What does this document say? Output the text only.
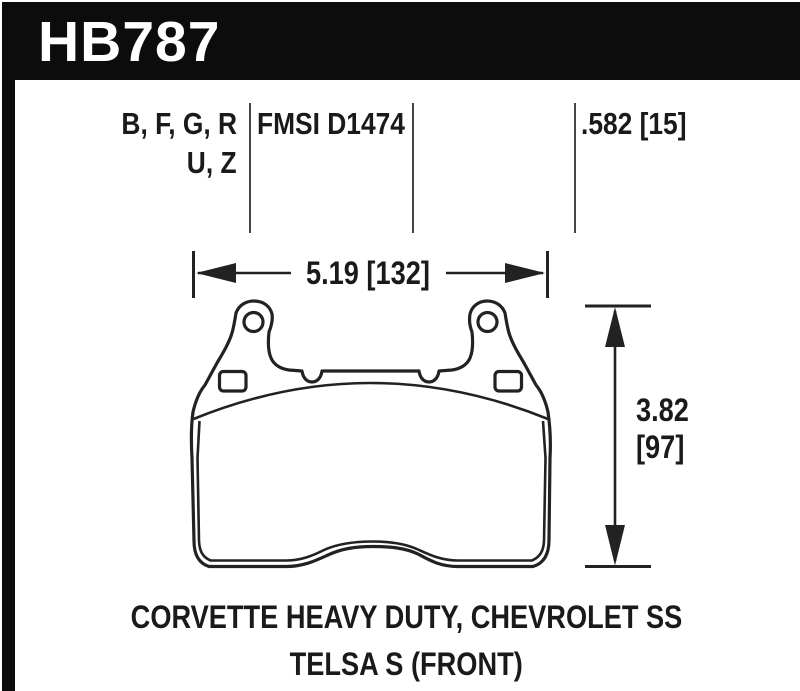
HB787
B, F, G, R
U, Z
FMSI D1474	.582 [15]
5.19 [132]
3.82
[97]
CORVETTE HEAVY DUTY, CHEVROLET SS
TELSA S (FRONT)
